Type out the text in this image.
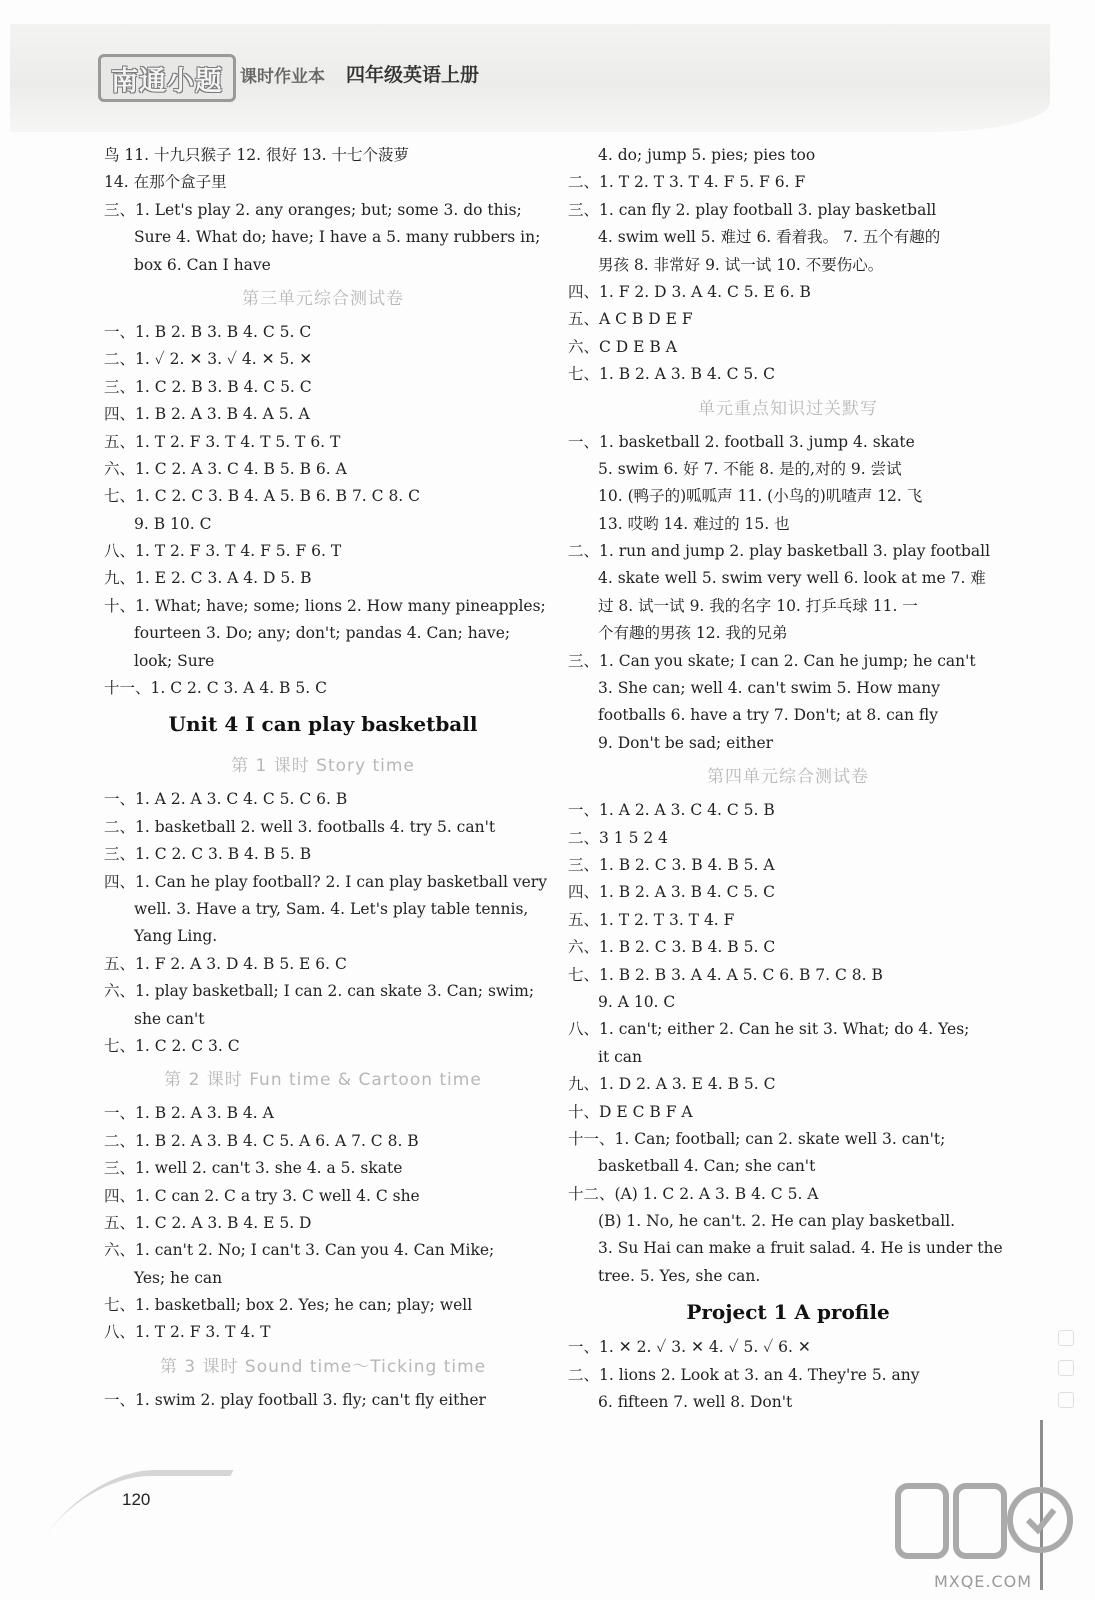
南通小题	课时作业本 四年级英语上册
鸟 11. 十九只猴子 12. 很好 13. 十七个菠萝
14. 在那个盒子里
三、1. Let's play 2. any oranges; but; some 3. do this;
Sure 4. What do; have; I have a 5. many rubbers in;
box 6. Can I have
第三单元综合测试卷
一、1. B 2. B 3. B 4. C 5. C
二、1. ✓ 2. ✕ 3. ✓ 4. ✕ 5. ✕
三、1. C 2. B 3. B 4. C 5. C
四、1. B 2. A 3. B 4. A 5. A
五、1. T 2. F 3. T 4. T 5. T 6. T
六、1. C 2. A 3. C 4. B 5. B 6. A
七、1. C 2. C 3. B 4. A 5. B 6. B 7. C 8. C
9. B 10. C
八、1. T 2. F 3. T 4. F 5. F 6. T
九、1. E 2. C 3. A 4. D 5. B
十、1. What; have; some; lions 2. How many pineapples;
fourteen 3. Do; any; don't; pandas 4. Can; have;
look; Sure
十一、1. C 2. C 3. A 4. B 5. C
Unit 4 I can play basketball
第 1 课时 Story time
一、1. A 2. A 3. C 4. C 5. C 6. B
二、1. basketball 2. well 3. footballs 4. try 5. can't
三、1. C 2. C 3. B 4. B 5. B
四、1. Can he play football? 2. I can play basketball very
well. 3. Have a try, Sam. 4. Let's play table tennis,
Yang Ling.
五、1. F 2. A 3. D 4. B 5. E 6. C
六、1. play basketball; I can 2. can skate 3. Can; swim;
she can't
七、1. C 2. C 3. C
第 2 课时 Fun time & Cartoon time
一、1. B 2. A 3. B 4. A
二、1. B 2. A 3. B 4. C 5. A 6. A 7. C 8. B
三、1. well 2. can't 3. she 4. a 5. skate
四、1. C can 2. C a try 3. C well 4. C she
五、1. C 2. A 3. B 4. E 5. D
六、1. can't 2. No; I can't 3. Can you 4. Can Mike;
Yes; he can
七、1. basketball; box 2. Yes; he can; play; well
八、1. T 2. F 3. T 4. T
第 3 课时 Sound time～Ticking time
一、1. swim 2. play football 3. fly; can't fly either
4. do; jump 5. pies; pies too
二、1. T 2. T 3. T 4. F 5. F 6. F
三、1. can fly 2. play football 3. play basketball
4. swim well 5. 难过 6. 看着我。 7. 五个有趣的
男孩 8. 非常好 9. 试一试 10. 不要伤心。
四、1. F 2. D 3. A 4. C 5. E 6. B
五、A C B D E F
六、C D E B A
七、1. B 2. A 3. B 4. C 5. C
单元重点知识过关默写
一、1. basketball 2. football 3. jump 4. skate
5. swim 6. 好 7. 不能 8. 是的,对的 9. 尝试
10. (鸭子的)呱呱声 11. (小鸟的)叽喳声 12. 飞
13. 哎哟 14. 难过的 15. 也
二、1. run and jump 2. play basketball 3. play football
4. skate well 5. swim very well 6. look at me 7. 难
过 8. 试一试 9. 我的名字 10. 打乒乓球 11. 一
个有趣的男孩 12. 我的兄弟
三、1. Can you skate; I can 2. Can he jump; he can't
3. She can; well 4. can't swim 5. How many
footballs 6. have a try 7. Don't; at 8. can fly
9. Don't be sad; either
第四单元综合测试卷
一、1. A 2. A 3. C 4. C 5. B
二、3 1 5 2 4
三、1. B 2. C 3. B 4. B 5. A
四、1. B 2. A 3. B 4. C 5. C
五、1. T 2. T 3. T 4. F
六、1. B 2. C 3. B 4. B 5. C
七、1. B 2. B 3. A 4. A 5. C 6. B 7. C 8. B
9. A 10. C
八、1. can't; either 2. Can he sit 3. What; do 4. Yes;
it can
九、1. D 2. A 3. E 4. B 5. C
十、D E C B F A
十一、1. Can; football; can 2. skate well 3. can't;
basketball 4. Can; she can't
十二、(A) 1. C 2. A 3. B 4. C 5. A
(B) 1. No, he can't. 2. He can play basketball.
3. Su Hai can make a fruit salad. 4. He is under the
tree. 5. Yes, she can.
Project 1 A profile
一、1. ✕ 2. ✓ 3. ✕ 4. ✓ 5. ✓ 6. ✕
二、1. lions 2. Look at 3. an 4. They're 5. any
6. fifteen 7. well 8. Don't
120
MXQE.COM
